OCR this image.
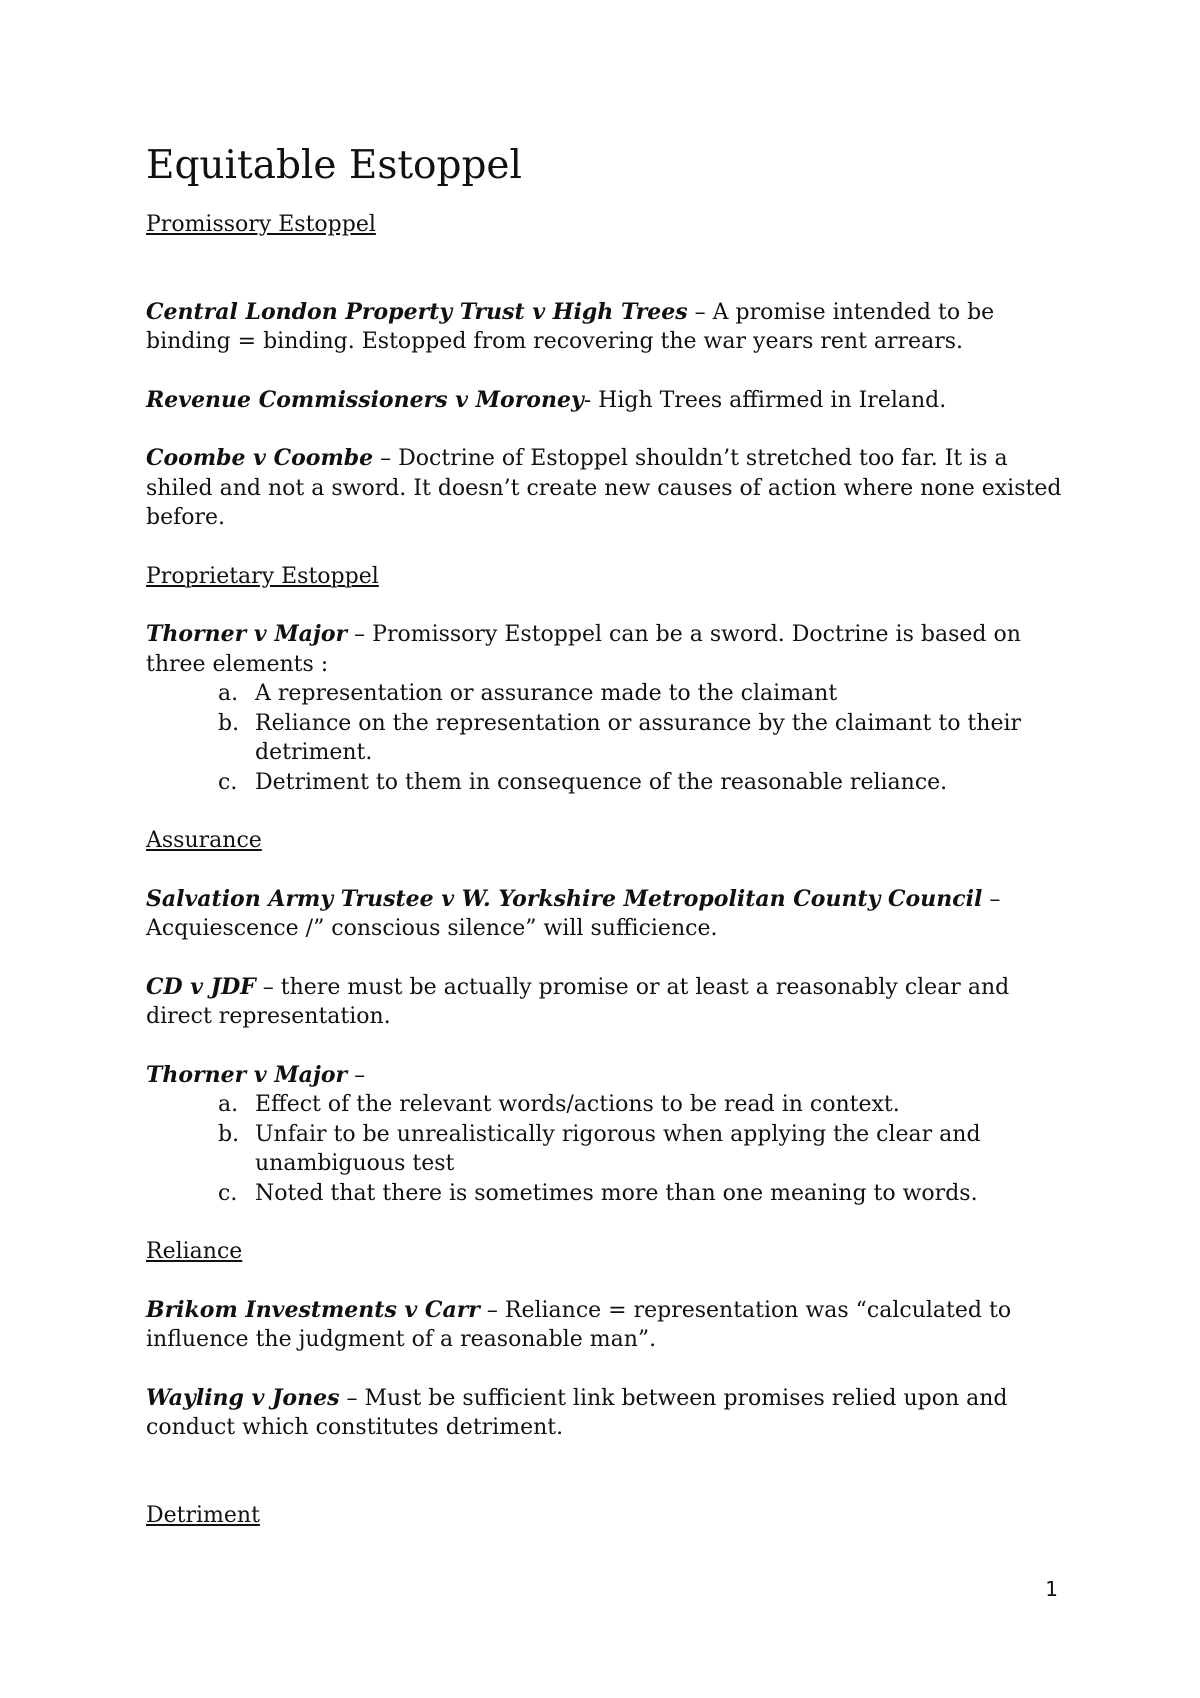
Equitable Estoppel

Promissory Estoppel

Central London Property Trust v High Trees – A promise intended to be binding = binding. Estopped from recovering the war years rent arrears.

Revenue Commissioners v Moroney- High Trees affirmed in Ireland.

Coombe v Coombe – Doctrine of Estoppel shouldn’t stretched too far. It is a shiled and not a sword. It doesn’t create new causes of action where none existed before.

Proprietary Estoppel

Thorner v Major – Promissory Estoppel can be a sword. Doctrine is based on three elements :

a. A representation or assurance made to the claimant
b. Reliance on the representation or assurance by the claimant to their detriment.
c. Detriment to them in consequence of the reasonable reliance.

Assurance

Salvation Army Trustee v W. Yorkshire Metropolitan County Council – Acquiescence /” conscious silence” will sufficience.

CD v JDF – there must be actually promise or at least a reasonably clear and direct representation.

Thorner v Major –

a. Effect of the relevant words/actions to be read in context.
b. Unfair to be unrealistically rigorous when applying the clear and unambiguous test
c. Noted that there is sometimes more than one meaning to words.

Reliance

Brikom Investments v Carr – Reliance = representation was “calculated to influence the judgment of a reasonable man”.

Wayling v Jones – Must be sufficient link between promises relied upon and conduct which constitutes detriment.

Detriment

1
